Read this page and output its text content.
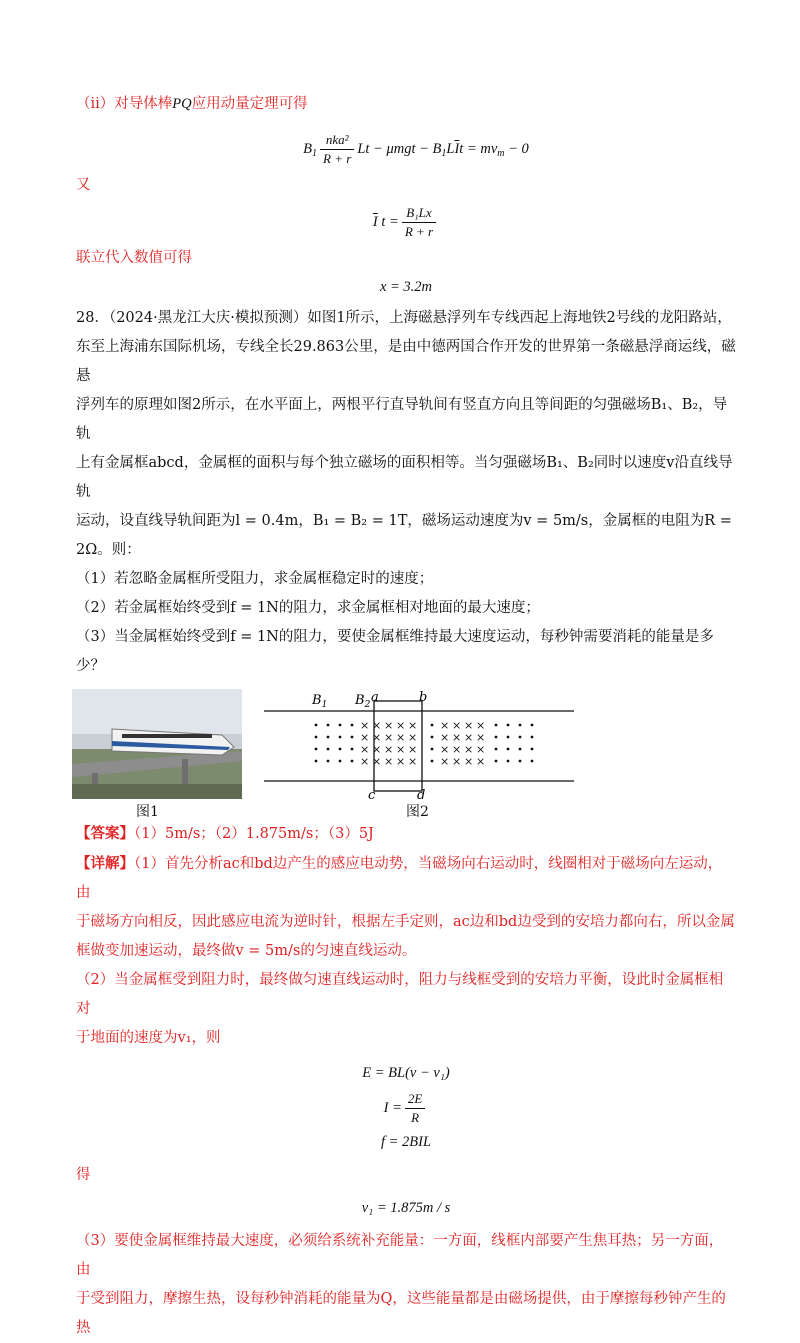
（ⅱ）对导体棒PQ应用动量定理可得

$B_1 \frac{\text{nka²}}{R + r}$ $Lt - \mu mgt - B_1L\overline{I}t = mv_m - 0$

又

$\overline{I}$ $t = \frac{\text{B₁Lx}}{R + r}$

联立代入数值可得

x = 3.2m

28．（2024·黑龙江大庆·模拟预测）如图1所示，上海磁悬浮列车专线西起上海地铁2号线的龙阳路站，

东至上海浦东国际机场，专线全长29.863公里，是由中德两国合作开发的世界第一条磁悬浮商运线，磁悬

浮列车的原理如图2所示，在水平面上，两根平行直导轨间有竖直方向且等间距的匀强磁场B₁、B₂，导轨

上有金属框abcd，金属框的面积与每个独立磁场的面积相等。当匀强磁场B₁、B₂同时以速度v沿直线导轨

运动，设直线导轨间距为l = 0.4m，B₁ = B₂ = 1T，磁场运动速度为v = 5m/s，金属框的电阻为R = 2Ω。则：

（1）若忽略金属框所受阻力，求金属框稳定时的速度；

（2）若金属框始终受到f = 1N的阻力，求金属框相对地面的最大速度；

（3）当金属框始终受到f = 1N的阻力，要使金属框维持最大速度运动，每秒钟需要消耗的能量是多少？

× × × × × × × × ×
× × × × × × × × ×
× × × × × × × × ×
× × × × × × × × ×
$B_1$ $B_2$ a	b
c	d
图1	图2

【答案】（1）5m/s；（2）1.875m/s；（3）5J

【详解】（1）首先分析ac和bd边产生的感应电动势，当磁场向右运动时，线圈相对于磁场向左运动，由

于磁场方向相反，因此感应电流为逆时针，根据左手定则，ac边和bd边受到的安培力都向右，所以金属

框做变加速运动，最终做v = 5m/s的匀速直线运动。

（2）当金属框受到阻力时，最终做匀速直线运动时，阻力与线框受到的安培力平衡，设此时金属框相对

于地面的速度为v₁，则

E = BL(v − v₁)

$I = \frac{2E}{R}$

f = 2BIL

得

v₁ = 1.875m / s

（3）要使金属框维持最大速度，必须给系统补充能量：一方面，线框内部要产生焦耳热；另一方面，由

于受到阻力，摩擦生热，设每秒钟消耗的能量为Q，这些能量都是由磁场提供，由于摩擦每秒钟产生的热
